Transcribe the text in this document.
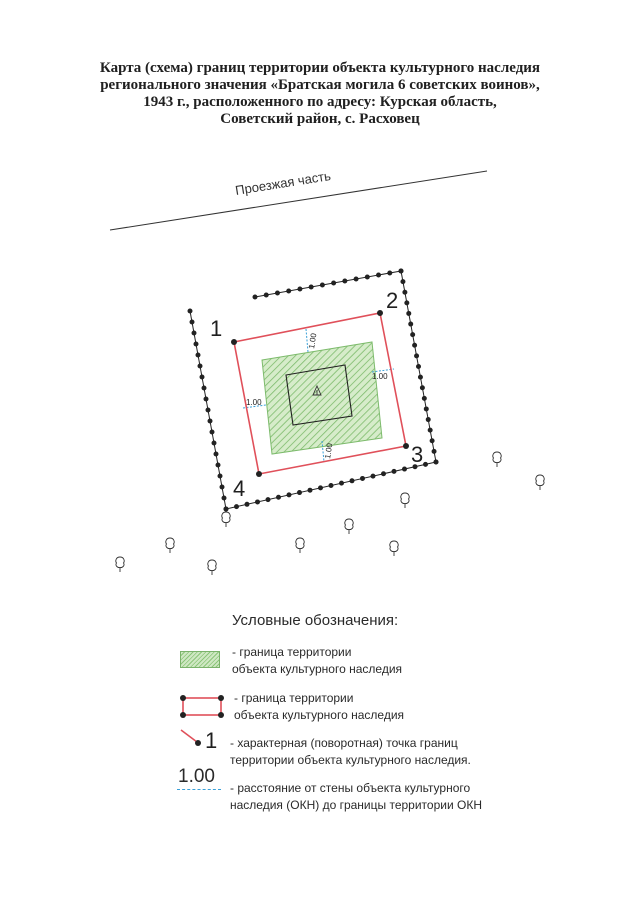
Карта (схема) границ территории объекта культурного наследия
регионального значения «Братская могила 6 советских воинов»,
1943 г., расположенного по адресу: Курская область,
Советский район, с. Расховец
Проезжая часть
1.00
1.00
1.00
1.00
1
2
3
4
Условные обозначения:
- граница территории
объекта культурного наследия
- граница территории
объекта культурного наследия
1 - характерная (поворотная) точка границ
территории объекта культурного наследия.
1.00
- расстояние от стены объекта культурного
наследия (ОКН) до границы территории ОКН
